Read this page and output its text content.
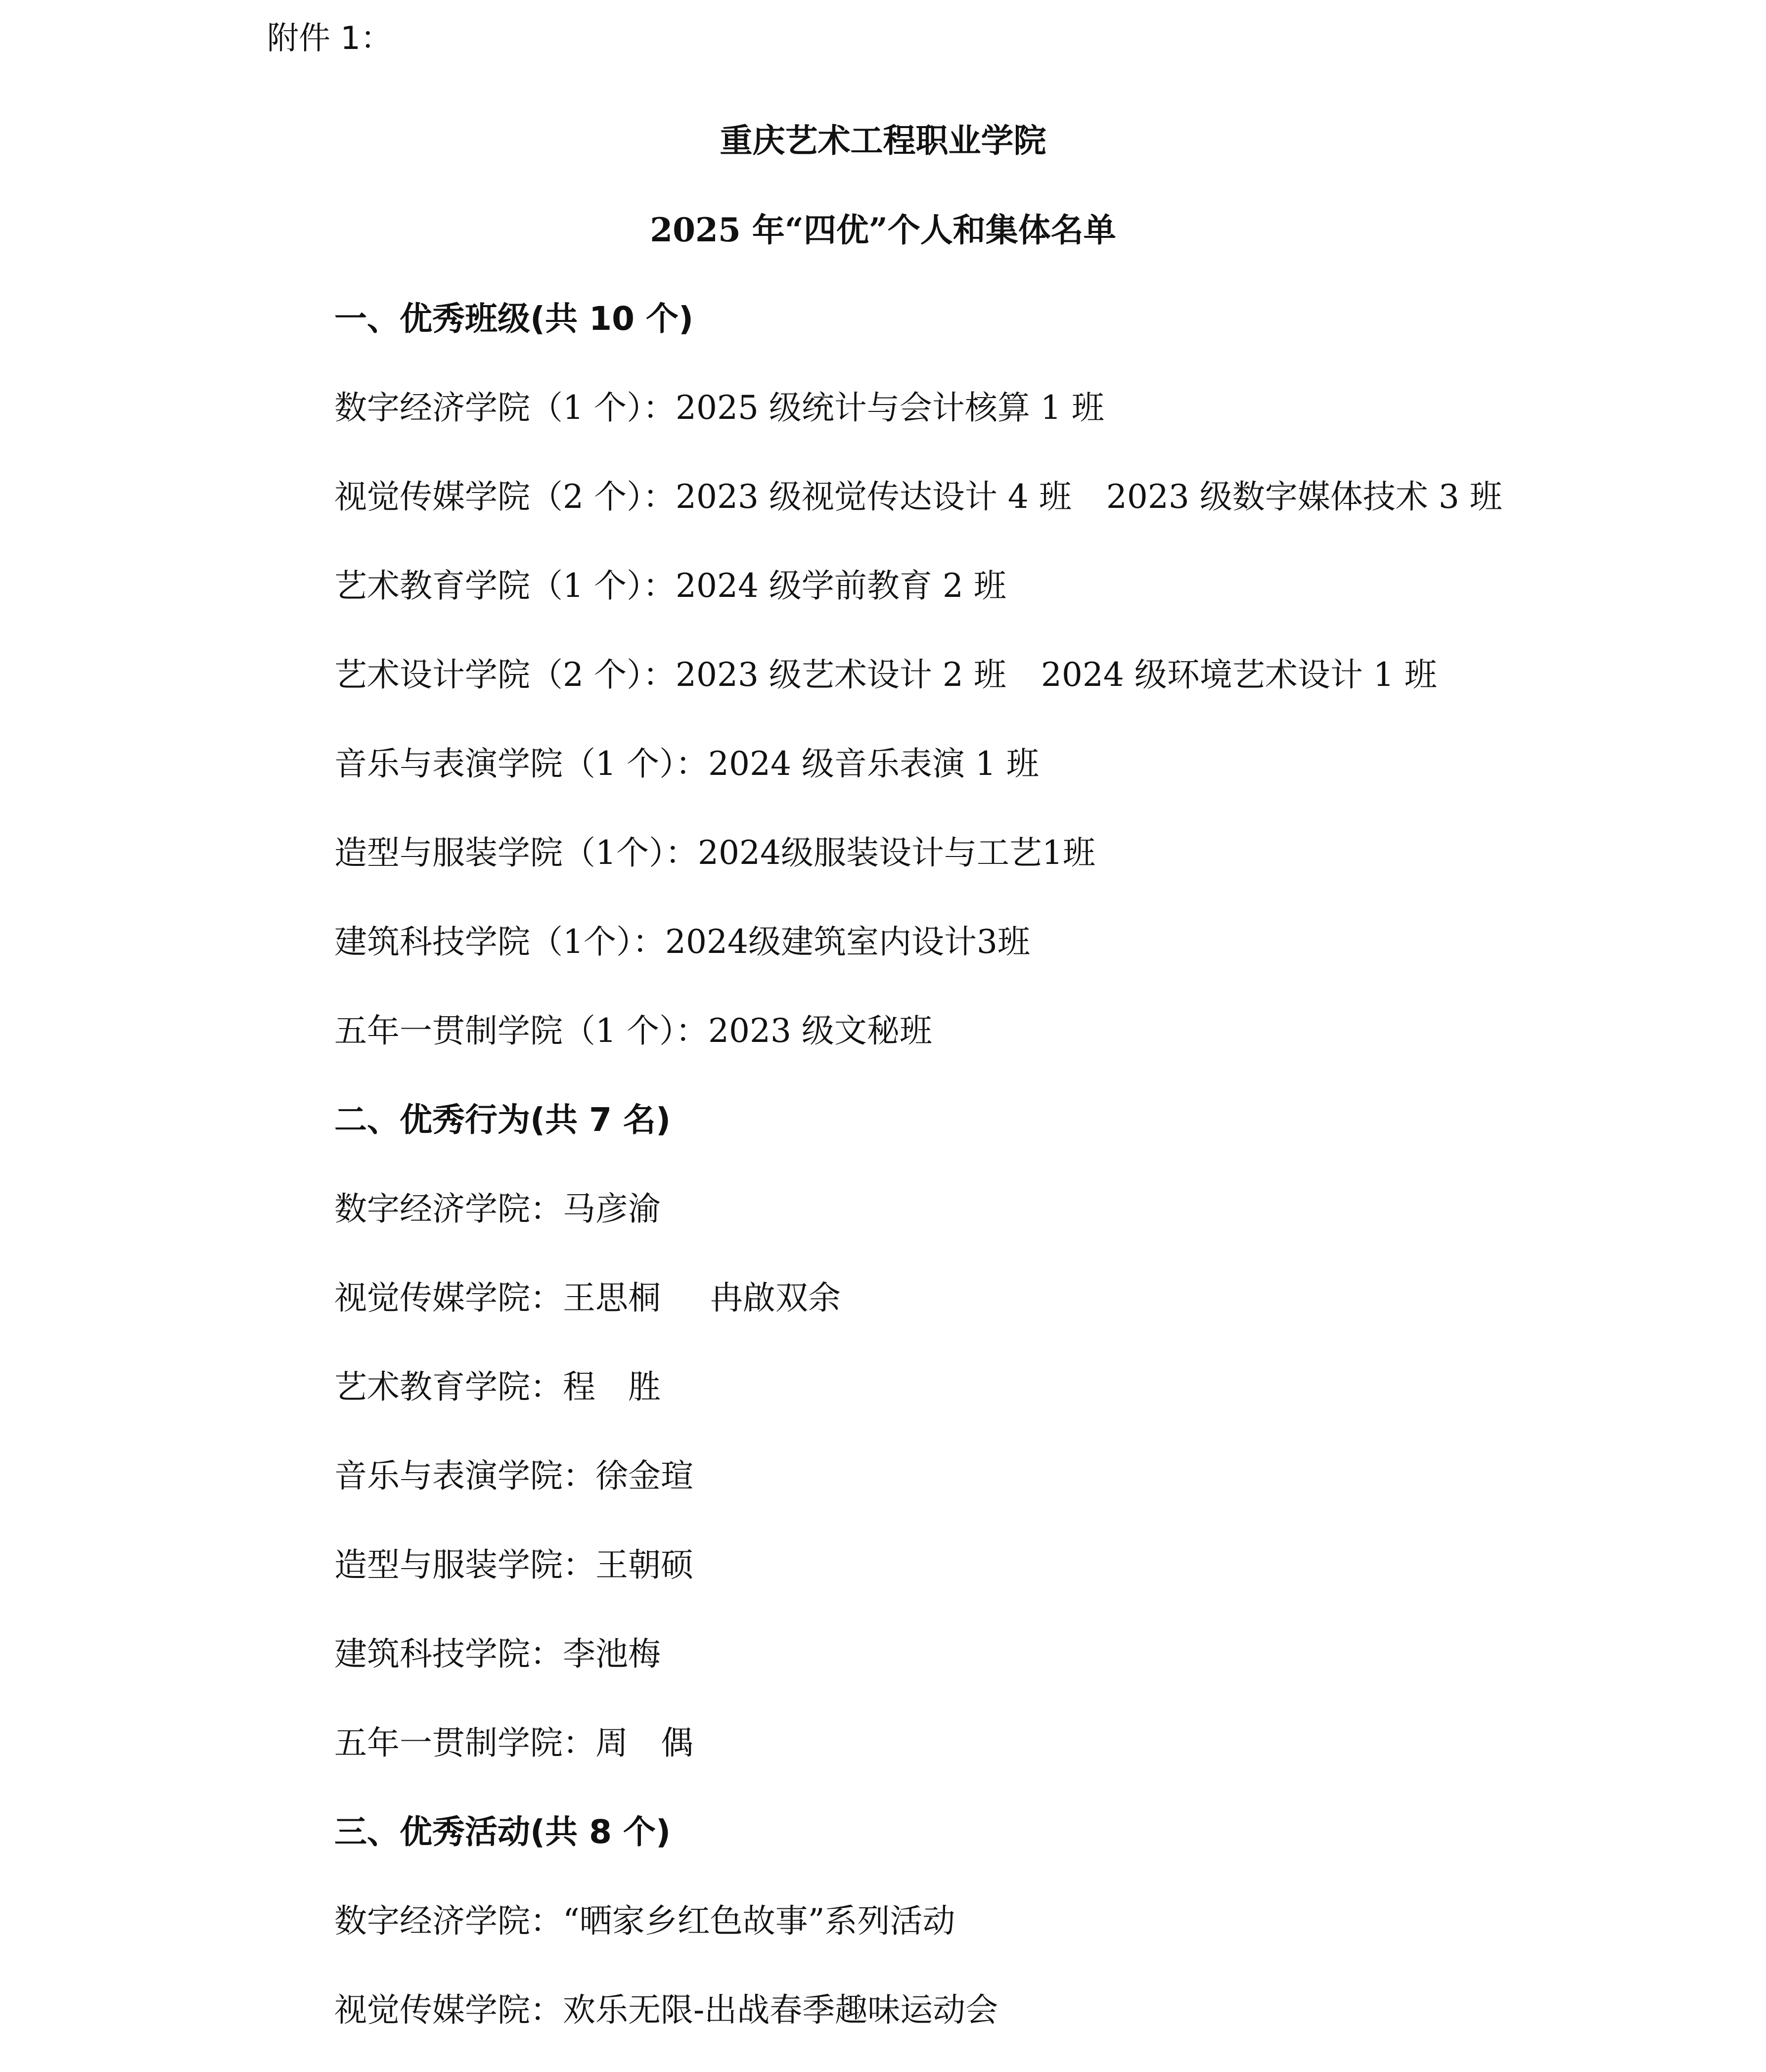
附件 1：
重庆艺术工程职业学院
2025 年“四优”个人和集体名单
一、优秀班级(共 10 个)
数字经济学院（1 个）：2025 级统计与会计核算 1 班
视觉传媒学院（2 个）：2023 级视觉传达设计 4 班 2023 级数字媒体技术 3 班
艺术教育学院（1 个）：2024 级学前教育 2 班
艺术设计学院（2 个）：2023 级艺术设计 2 班 2024 级环境艺术设计 1 班
音乐与表演学院（1 个）：2024 级音乐表演 1 班
造型与服装学院（1个）：2024级服装设计与工艺1班
建筑科技学院（1个）：2024级建筑室内设计3班
五年一贯制学院（1 个）：2023 级文秘班
二、优秀行为(共 7 名)
数字经济学院：马彦渝
视觉传媒学院：王思桐 冉啟双余
艺术教育学院：程　胜
音乐与表演学院：徐金瑄
造型与服装学院：王朝硕
建筑科技学院：李池梅
五年一贯制学院：周　偶
三、优秀活动(共 8 个)
数字经济学院：“晒家乡红色故事”系列活动
视觉传媒学院：欢乐无限-出战春季趣味运动会
